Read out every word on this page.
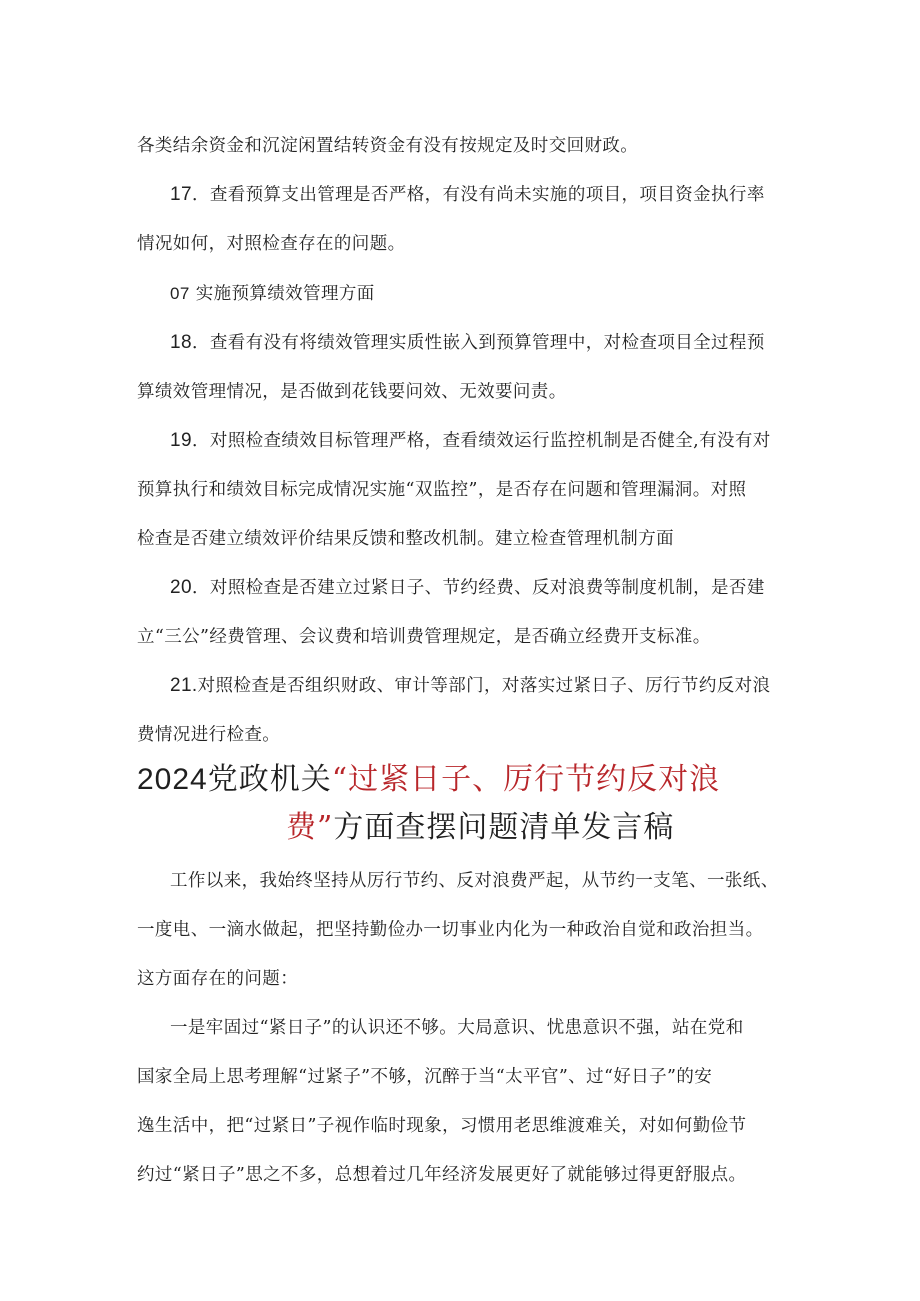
各类结余资金和沉淀闲置结转资金有没有按规定及时交回财政。
17．查看预算支出管理是否严格，有没有尚未实施的项目，项目资金执行率
情况如何，对照检查存在的问题。
07 实施预算绩效管理方面
18．查看有没有将绩效管理实质性嵌入到预算管理中，对检查项目全过程预
算绩效管理情况，是否做到花钱要问效、无效要问责。
19．对照检查绩效目标管理严格，查看绩效运行监控机制是否健全,有没有对
预算执行和绩效目标完成情况实施“双监控”，是否存在问题和管理漏洞。对照
检查是否建立绩效评价结果反馈和整改机制。建立检查管理机制方面
20．对照检查是否建立过紧日子、节约经费、反对浪费等制度机制，是否建
立“三公”经费管理、会议费和培训费管理规定，是否确立经费开支标准。
21.对照检查是否组织财政、审计等部门，对落实过紧日子、厉行节约反对浪
费情况进行检查。
2024党政机关“过紧日子、厉行节约反对浪
费”方面查摆问题清单发言稿
工作以来，我始终坚持从厉行节约、反对浪费严起，从节约一支笔、一张纸、
一度电、一滴水做起，把坚持勤俭办一切事业内化为一种政治自觉和政治担当。
这方面存在的问题：
一是牢固过“紧日子”的认识还不够。大局意识、忧患意识不强，站在党和
国家全局上思考理解“过紧子”不够，沉醉于当“太平官”、过“好日子”的安
逸生活中，把“过紧日”子视作临时现象，习惯用老思维渡难关，对如何勤俭节
约过“紧日子”思之不多，总想着过几年经济发展更好了就能够过得更舒服点。
